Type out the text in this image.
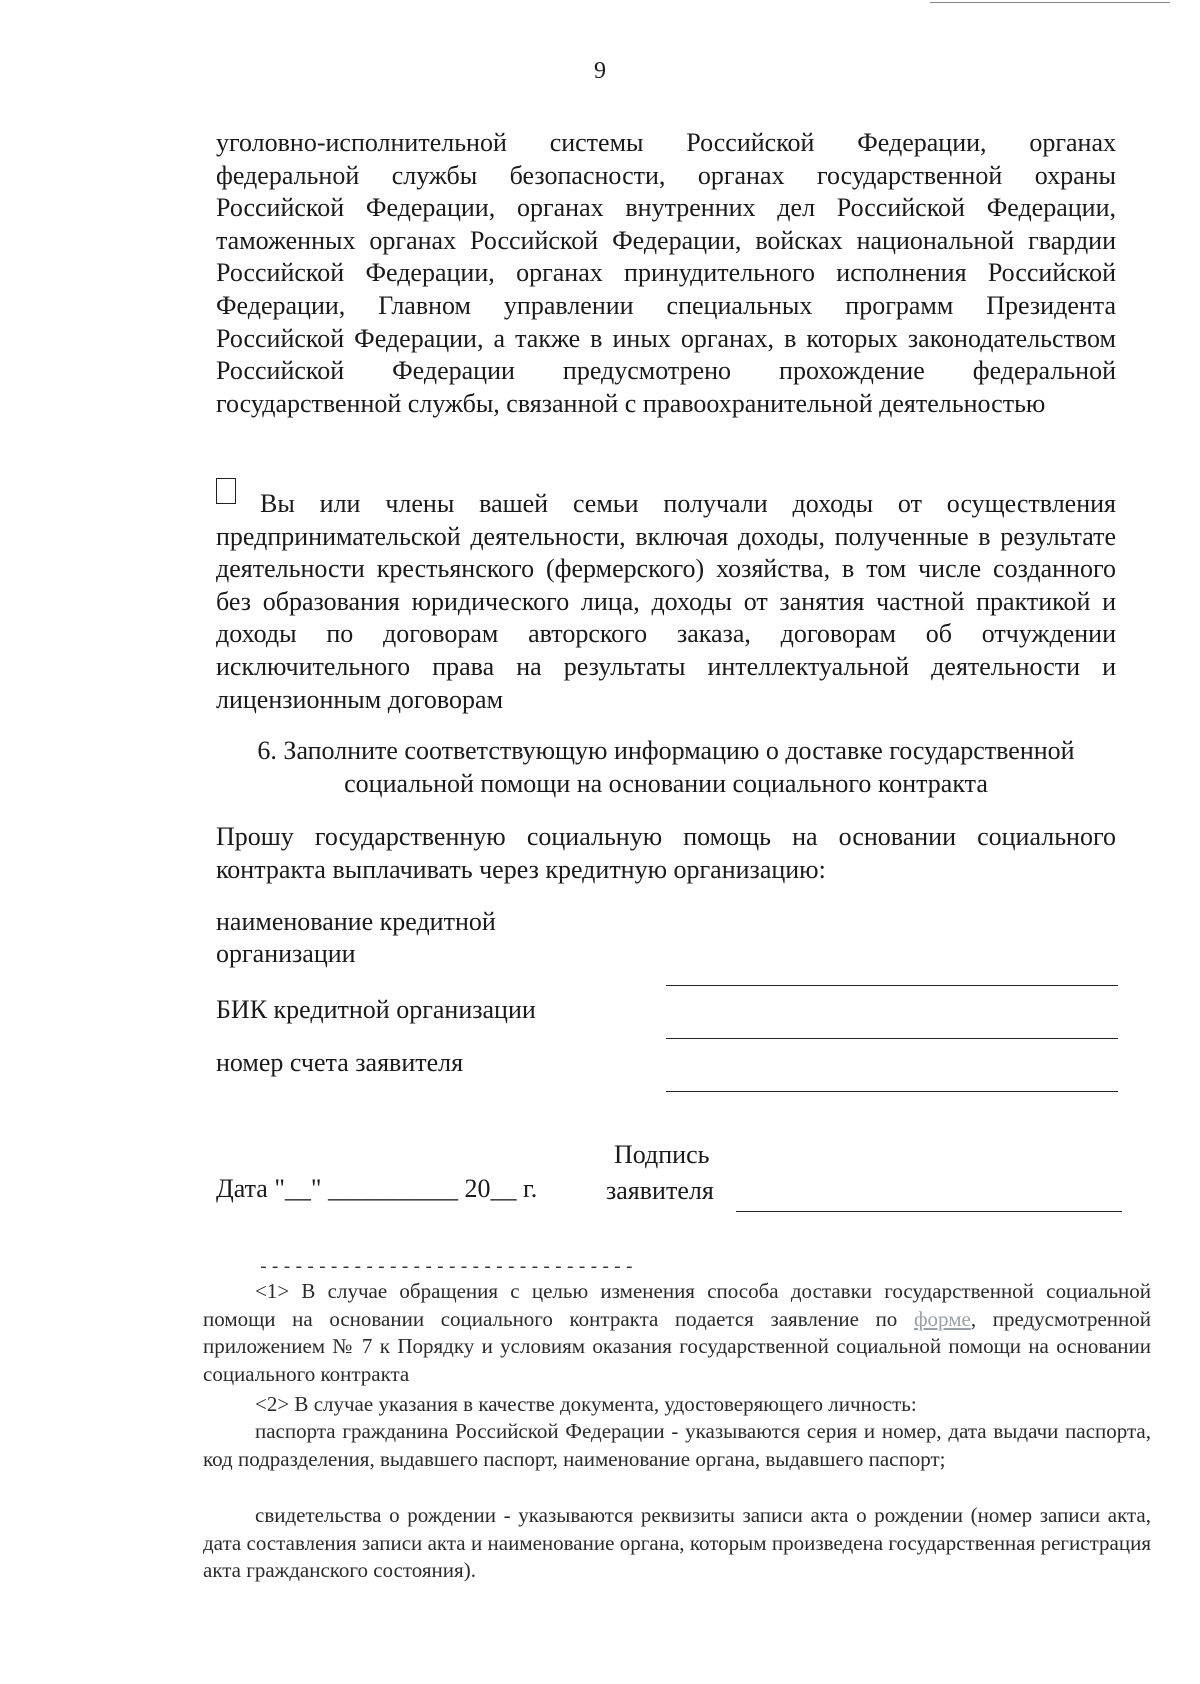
9
уголовно-исполнительной системы Российской Федерации, органах федеральной службы безопасности, органах государственной охраны Российской Федерации, органах внутренних дел Российской Федерации, таможенных органах Российской Федерации, войсках национальной гвардии Российской Федерации, органах принудительного исполнения Российской Федерации, Главном управлении специальных программ Президента Российской Федерации, а также в иных органах, в которых законодательством Российской Федерации предусмотрено прохождение федеральной государственной службы, связанной с правоохранительной деятельностью
Вы или члены вашей семьи получали доходы от осуществления предпринимательской деятельности, включая доходы, полученные в результате деятельности крестьянского (фермерского) хозяйства, в том числе созданного без образования юридического лица, доходы от занятия частной практикой и доходы по договорам авторского заказа, договорам об отчуждении исключительного права на результаты интеллектуальной деятельности и лицензионным договорам
6. Заполните соответствующую информацию о доставке государственной
социальной помощи на основании социального контракта
Прошу государственную социальную помощь на основании социального контракта выплачивать через кредитную организацию:
наименование кредитной организации
БИК кредитной организации
номер счета заявителя
Дата "__" __________ 20__ г.
Подпись
заявителя
--------------------------------
<1> В случае обращения с целью изменения способа доставки государственной социальной помощи на основании социального контракта подается заявление по форме, предусмотренной приложением № 7 к Порядку и условиям оказания государственной социальной помощи на основании социального контракта
<2> В случае указания в качестве документа, удостоверяющего личность:
паспорта гражданина Российской Федерации - указываются серия и номер, дата выдачи паспорта, код подразделения, выдавшего паспорт, наименование органа, выдавшего паспорт;
свидетельства о рождении - указываются реквизиты записи акта о рождении (номер записи акта, дата составления записи акта и наименование органа, которым произведена государственная регистрация акта гражданского состояния).
